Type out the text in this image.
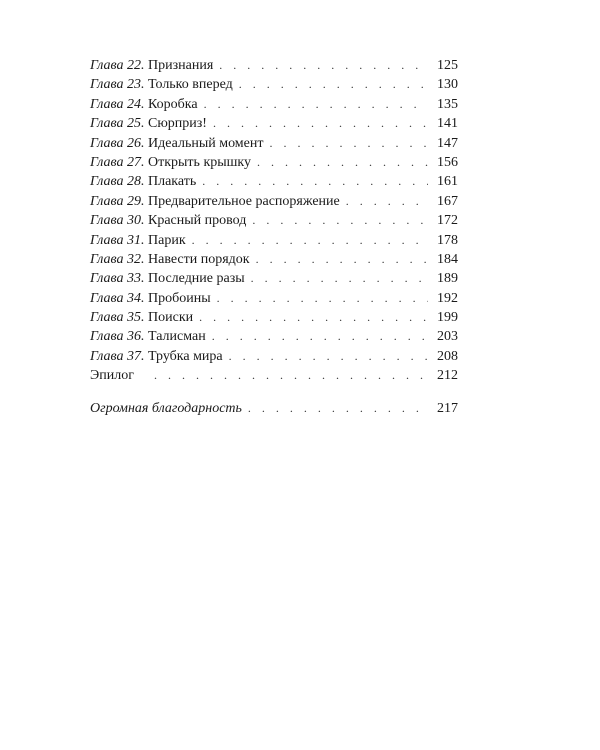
Глава 22. Признания . . .	125
Глава 23. Только вперед . . .	130
Глава 24. Коробка . . .	135
Глава 25. Сюрприз! . . .	141
Глава 26. Идеальный момент . . .	147
Глава 27. Открыть крышку . . .	156
Глава 28. Плакать . . .	161
Глава 29. Предварительное распоряжение . . .	167
Глава 30. Красный провод . . .	172
Глава 31. Парик . . .	178
Глава 32. Навести порядок . . .	184
Глава 33. Последние разы . . .	189
Глава 34. Пробоины . . .	192
Глава 35. Поиски . . .	199
Глава 36. Талисман . . .	203
Глава 37. Трубка мира . . .	208
Эпилог . . .	212
Огромная благодарность . . .	217
